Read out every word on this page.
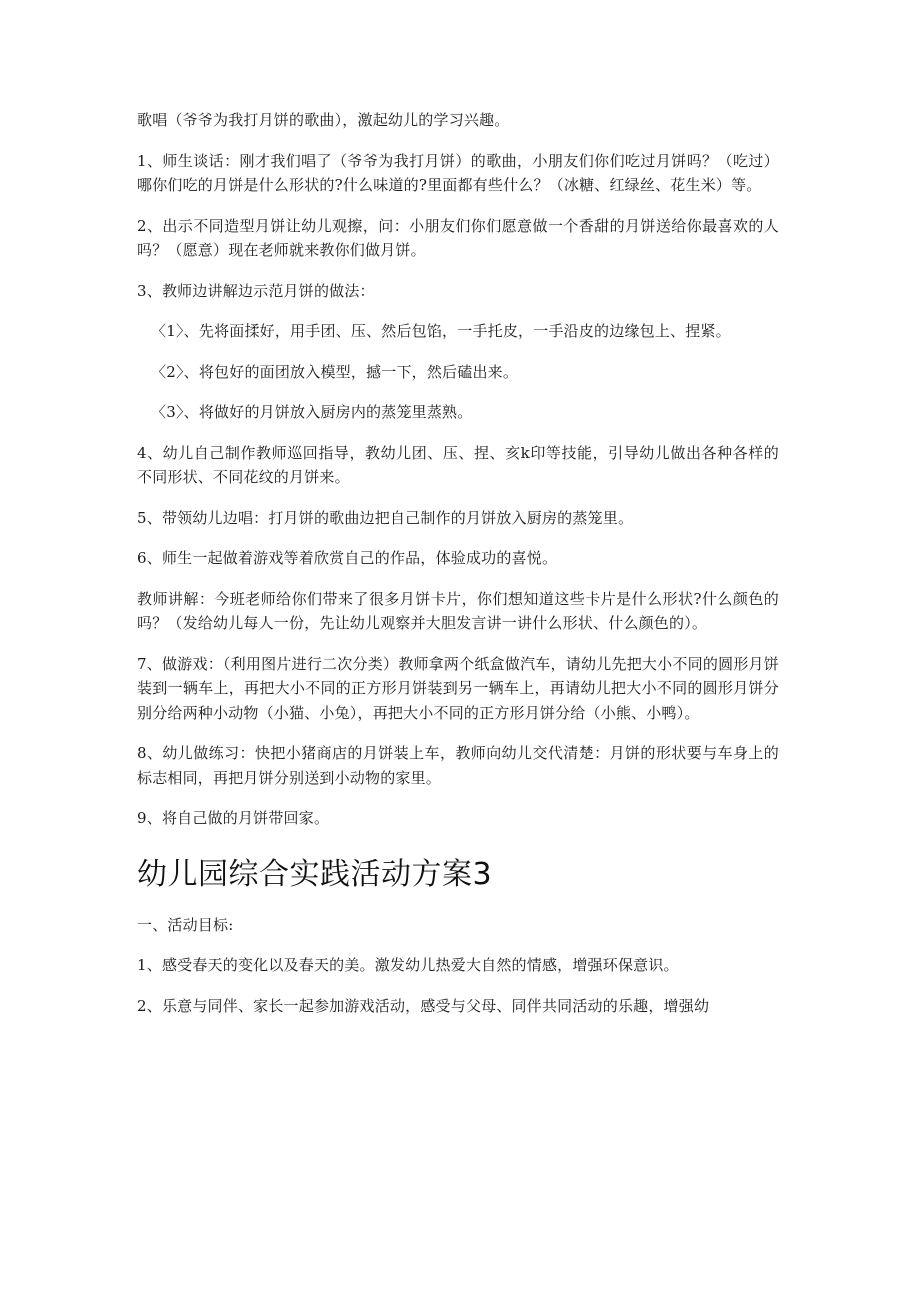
歌唱（爷爷为我打月饼的歌曲），激起幼儿的学习兴趣。

1、师生谈话：刚才我们唱了（爷爷为我打月饼）的歌曲，小朋友们你们吃过月饼吗？（吃过）哪你们吃的月饼是什么形状的?什么味道的?里面都有些什么？（冰糖、红绿丝、花生米）等。

2、出示不同造型月饼让幼儿观擦，问：小朋友们你们愿意做一个香甜的月饼送给你最喜欢的人吗？（愿意）现在老师就来教你们做月饼。

3、教师边讲解边示范月饼的做法：

〈1〉、先将面揉好，用手团、压、然后包馅，一手托皮，一手沿皮的边缘包上、捏紧。

〈2〉、将包好的面团放入模型，撼一下，然后磕出来。

〈3〉、将做好的月饼放入厨房内的蒸笼里蒸熟。

4、幼儿自己制作教师巡回指导，教幼儿团、压、捏、亥k印等技能，引导幼儿做出各种各样的不同形状、不同花纹的月饼来。

5、带领幼儿边唱：打月饼的歌曲边把自己制作的月饼放入厨房的蒸笼里。

6、师生一起做着游戏等着欣赏自己的作品，体验成功的喜悦。

教师讲解：今班老师给你们带来了很多月饼卡片，你们想知道这些卡片是什么形状?什么颜色的吗？（发给幼儿每人一份，先让幼儿观察并大胆发言讲一讲什么形状、什么颜色的）。

7、做游戏：（利用图片进行二次分类）教师拿两个纸盒做汽车，请幼儿先把大小不同的圆形月饼装到一辆车上，再把大小不同的正方形月饼装到另一辆车上，再请幼儿把大小不同的圆形月饼分别分给两种小动物（小猫、小兔），再把大小不同的正方形月饼分给（小熊、小鸭）。

8、幼儿做练习：快把小猪商店的月饼装上车，教师向幼儿交代清楚：月饼的形状要与车身上的标志相同，再把月饼分别送到小动物的家里。

9、将自己做的月饼带回家。

幼儿园综合实践活动方案3

一、活动目标:

1、感受春天的变化以及春天的美。激发幼儿热爱大自然的情感，增强环保意识。

2、乐意与同伴、家长一起参加游戏活动，感受与父母、同伴共同活动的乐趣，增强幼
